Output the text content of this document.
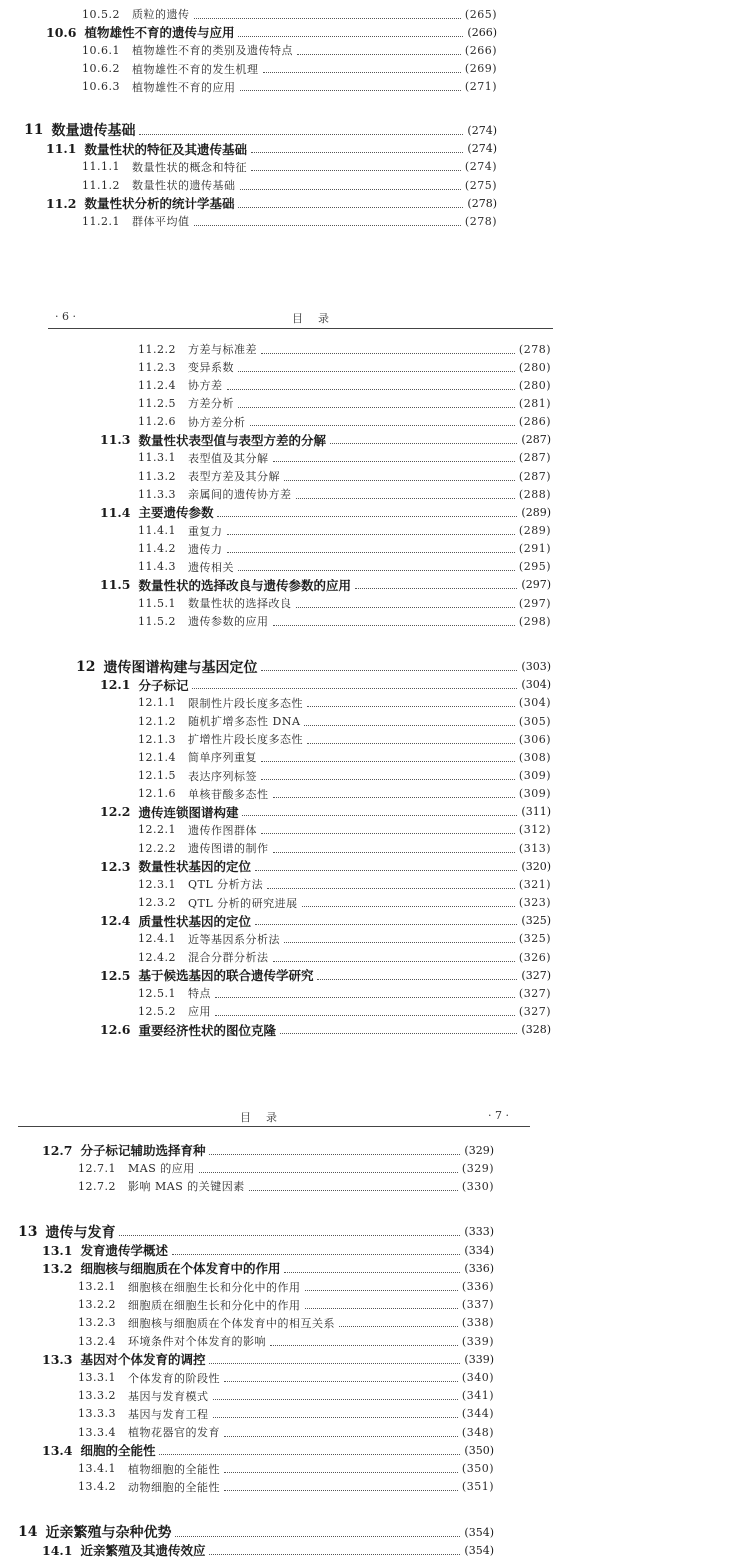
10.5.2	质粒的遗传	(265)
10.6 植物雄性不育的遗传与应用	(266)
10.6.1	植物雄性不育的类别及遗传特点	(266)
10.6.2	植物雄性不育的发生机理	(269)
10.6.3	植物雄性不育的应用	(271)
11 数量遗传基础	(274)
11.1 数量性状的特征及其遗传基础	(274)
11.1.1	数量性状的概念和特征	(274)
11.1.2	数量性状的遗传基础	(275)
11.2 数量性状分析的统计学基础	(278)
11.2.1	群体平均值	(278)
· 6 ·	目　录
11.2.2	方差与标准差	(278)
11.2.3	变异系数	(280)
11.2.4	协方差	(280)
11.2.5	方差分析	(281)
11.2.6	协方差分析	(286)
11.3 数量性状表型值与表型方差的分解	(287)
11.3.1	表型值及其分解	(287)
11.3.2	表型方差及其分解	(287)
11.3.3	亲属间的遗传协方差	(288)
11.4 主要遗传参数	(289)
11.4.1	重复力	(289)
11.4.2	遗传力	(291)
11.4.3	遗传相关	(295)
11.5 数量性状的选择改良与遗传参数的应用	(297)
11.5.1	数量性状的选择改良	(297)
11.5.2	遗传参数的应用	(298)
12 遗传图谱构建与基因定位	(303)
12.1 分子标记	(304)
12.1.1	限制性片段长度多态性	(304)
12.1.2	随机扩增多态性 DNA	(305)
12.1.3	扩增性片段长度多态性	(306)
12.1.4	简单序列重复	(308)
12.1.5	表达序列标签	(309)
12.1.6	单核苷酸多态性	(309)
12.2 遗传连锁图谱构建	(311)
12.2.1	遗传作图群体	(312)
12.2.2	遗传图谱的制作	(313)
12.3 数量性状基因的定位	(320)
12.3.1	QTL 分析方法	(321)
12.3.2	QTL 分析的研究进展	(323)
12.4 质量性状基因的定位	(325)
12.4.1	近等基因系分析法	(325)
12.4.2	混合分群分析法	(326)
12.5 基于候选基因的联合遗传学研究	(327)
12.5.1	特点	(327)
12.5.2	应用	(327)
12.6 重要经济性状的图位克隆	(328)
目　录	· 7 ·
12.7 分子标记辅助选择育种	(329)
12.7.1	MAS 的应用	(329)
12.7.2	影响 MAS 的关键因素	(330)
13 遗传与发育	(333)
13.1 发育遗传学概述	(334)
13.2 细胞核与细胞质在个体发育中的作用	(336)
13.2.1	细胞核在细胞生长和分化中的作用	(336)
13.2.2	细胞质在细胞生长和分化中的作用	(337)
13.2.3	细胞核与细胞质在个体发育中的相互关系	(338)
13.2.4	环境条件对个体发育的影响	(339)
13.3 基因对个体发育的调控	(339)
13.3.1	个体发育的阶段性	(340)
13.3.2	基因与发育模式	(341)
13.3.3	基因与发育工程	(344)
13.3.4	植物花器官的发育	(348)
13.4 细胞的全能性	(350)
13.4.1	植物细胞的全能性	(350)
13.4.2	动物细胞的全能性	(351)
14 近亲繁殖与杂种优势	(354)
14.1 近亲繁殖及其遗传效应	(354)
